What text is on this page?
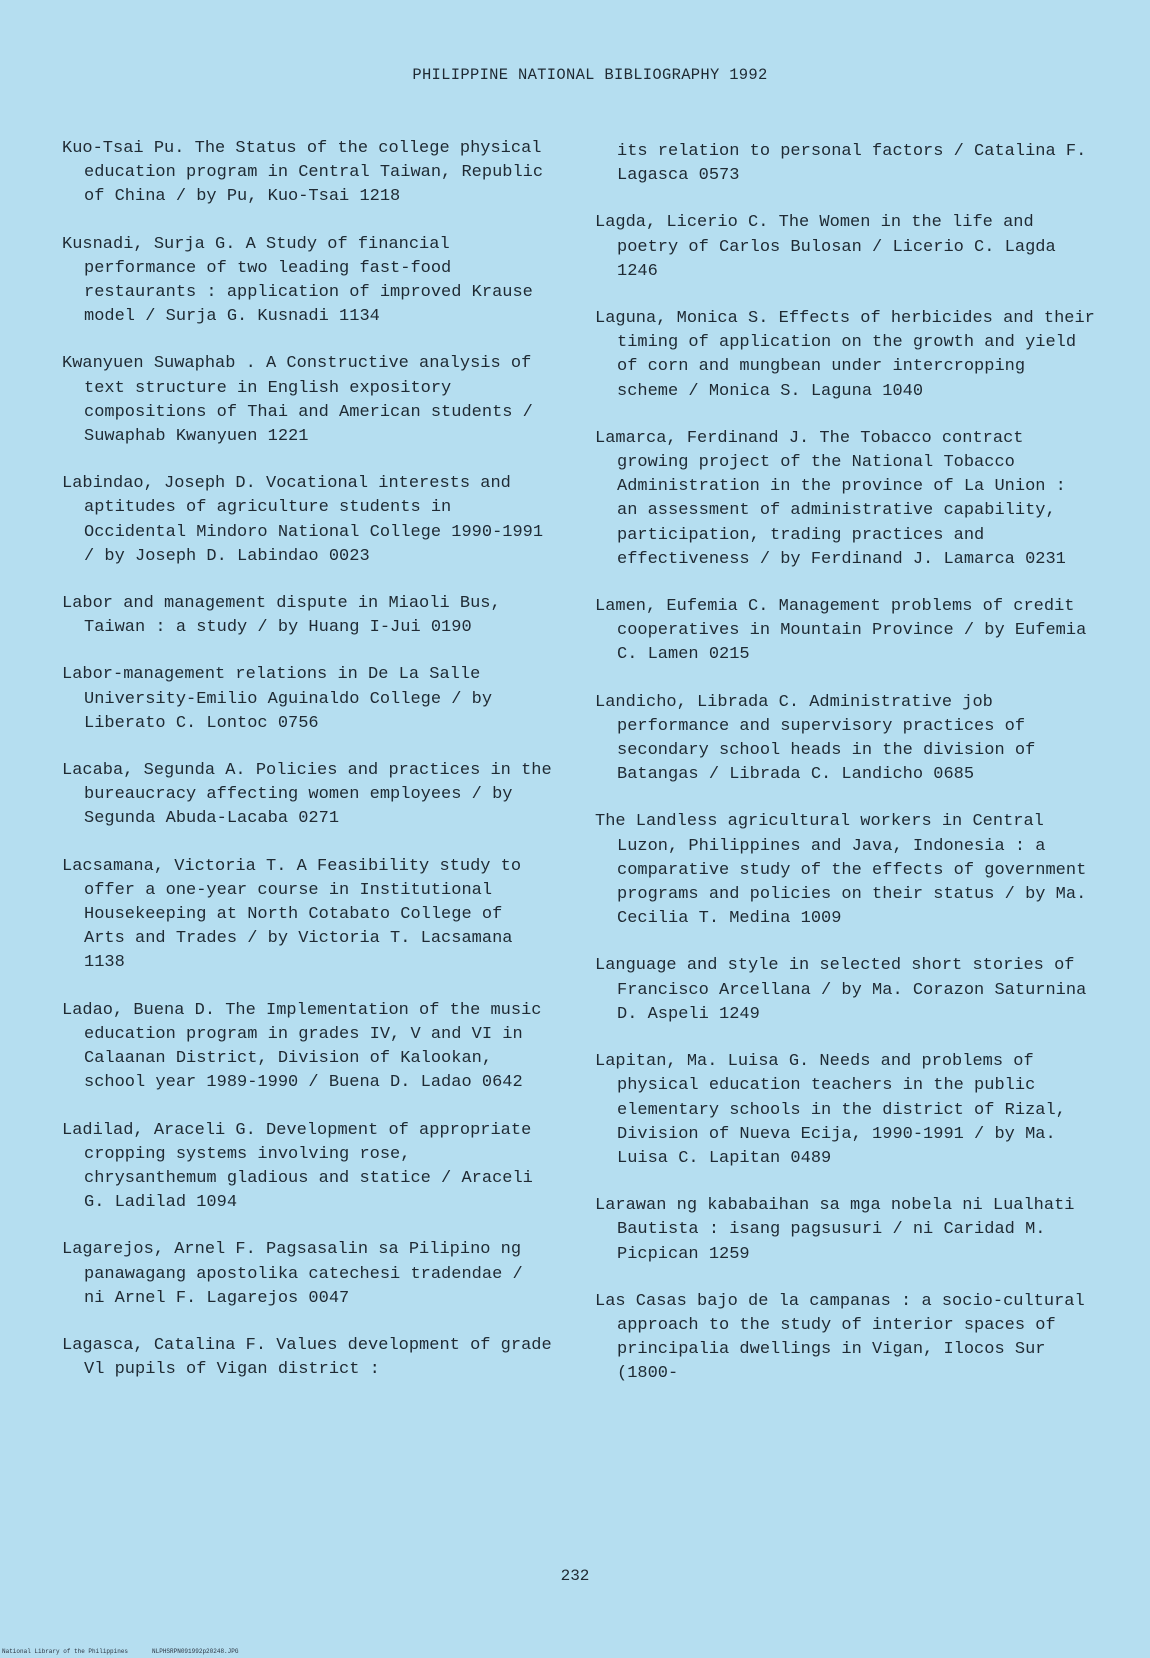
PHILIPPINE NATIONAL BIBLIOGRAPHY 1992
Kuo-Tsai Pu. The Status of the college physical education program in Central Taiwan, Republic of China / by Pu, Kuo-Tsai 1218
Kusnadi, Surja G. A Study of financial performance of two leading fast-food restaurants : application of improved Krause model / Surja G. Kusnadi 1134
Kwanyuen Suwaphab . A Constructive analysis of text structure in English expository compositions of Thai and American students / Suwaphab Kwanyuen 1221
Labindao, Joseph D. Vocational interests and aptitudes of agriculture students in Occidental Mindoro National College 1990-1991 / by Joseph D. Labindao 0023
Labor and management dispute in Miaoli Bus, Taiwan : a study / by Huang I-Jui 0190
Labor-management relations in De La Salle University-Emilio Aguinaldo College / by Liberato C. Lontoc 0756
Lacaba, Segunda A. Policies and practices in the bureaucracy affecting women employees / by Segunda Abuda-Lacaba 0271
Lacsamana, Victoria T. A Feasibility study to offer a one-year course in Institutional Housekeeping at North Cotabato College of Arts and Trades / by Victoria T. Lacsamana 1138
Ladao, Buena D. The Implementation of the music education program in grades IV, V and VI in Calaanan District, Division of Kalookan, school year 1989-1990 / Buena D. Ladao 0642
Ladilad, Araceli G. Development of appropriate cropping systems involving rose, chrysanthemum gladious and statice / Araceli G. Ladilad 1094
Lagarejos, Arnel F. Pagsasalin sa Pilipino ng panawagang apostolika catechesi tradendae / ni Arnel F. Lagarejos 0047
Lagasca, Catalina F. Values development of grade Vl pupils of Vigan district :
its relation to personal factors / Catalina F. Lagasca 0573
Lagda, Licerio C. The Women in the life and poetry of Carlos Bulosan / Licerio C. Lagda 1246
Laguna, Monica S. Effects of herbicides and their timing of application on the growth and yield of corn and mungbean under intercropping scheme / Monica S. Laguna 1040
Lamarca, Ferdinand J. The Tobacco contract growing project of the National Tobacco Administration in the province of La Union : an assessment of administrative capability, participation, trading practices and effectiveness / by Ferdinand J. Lamarca 0231
Lamen, Eufemia C. Management problems of credit cooperatives in Mountain Province / by Eufemia C. Lamen 0215
Landicho, Librada C. Administrative job performance and supervisory practices of secondary school heads in the division of Batangas / Librada C. Landicho 0685
The Landless agricultural workers in Central Luzon, Philippines and Java, Indonesia : a comparative study of the effects of government programs and policies on their status / by Ma. Cecilia T. Medina 1009
Language and style in selected short stories of Francisco Arcellana / by Ma. Corazon Saturnina D. Aspeli 1249
Lapitan, Ma. Luisa G. Needs and problems of physical education teachers in the public elementary schools in the district of Rizal, Division of Nueva Ecija, 1990-1991 / by Ma. Luisa C. Lapitan 0489
Larawan ng kababaihan sa mga nobela ni Lualhati Bautista : isang pagsusuri / ni Caridad M. Picpican 1259
Las Casas bajo de la campanas : a socio-cultural approach to the study of interior spaces of principalia dwellings in Vigan, Ilocos Sur (1800-
232
National Library of the Philippines	NLPHSRPN091992p20248.JPG
